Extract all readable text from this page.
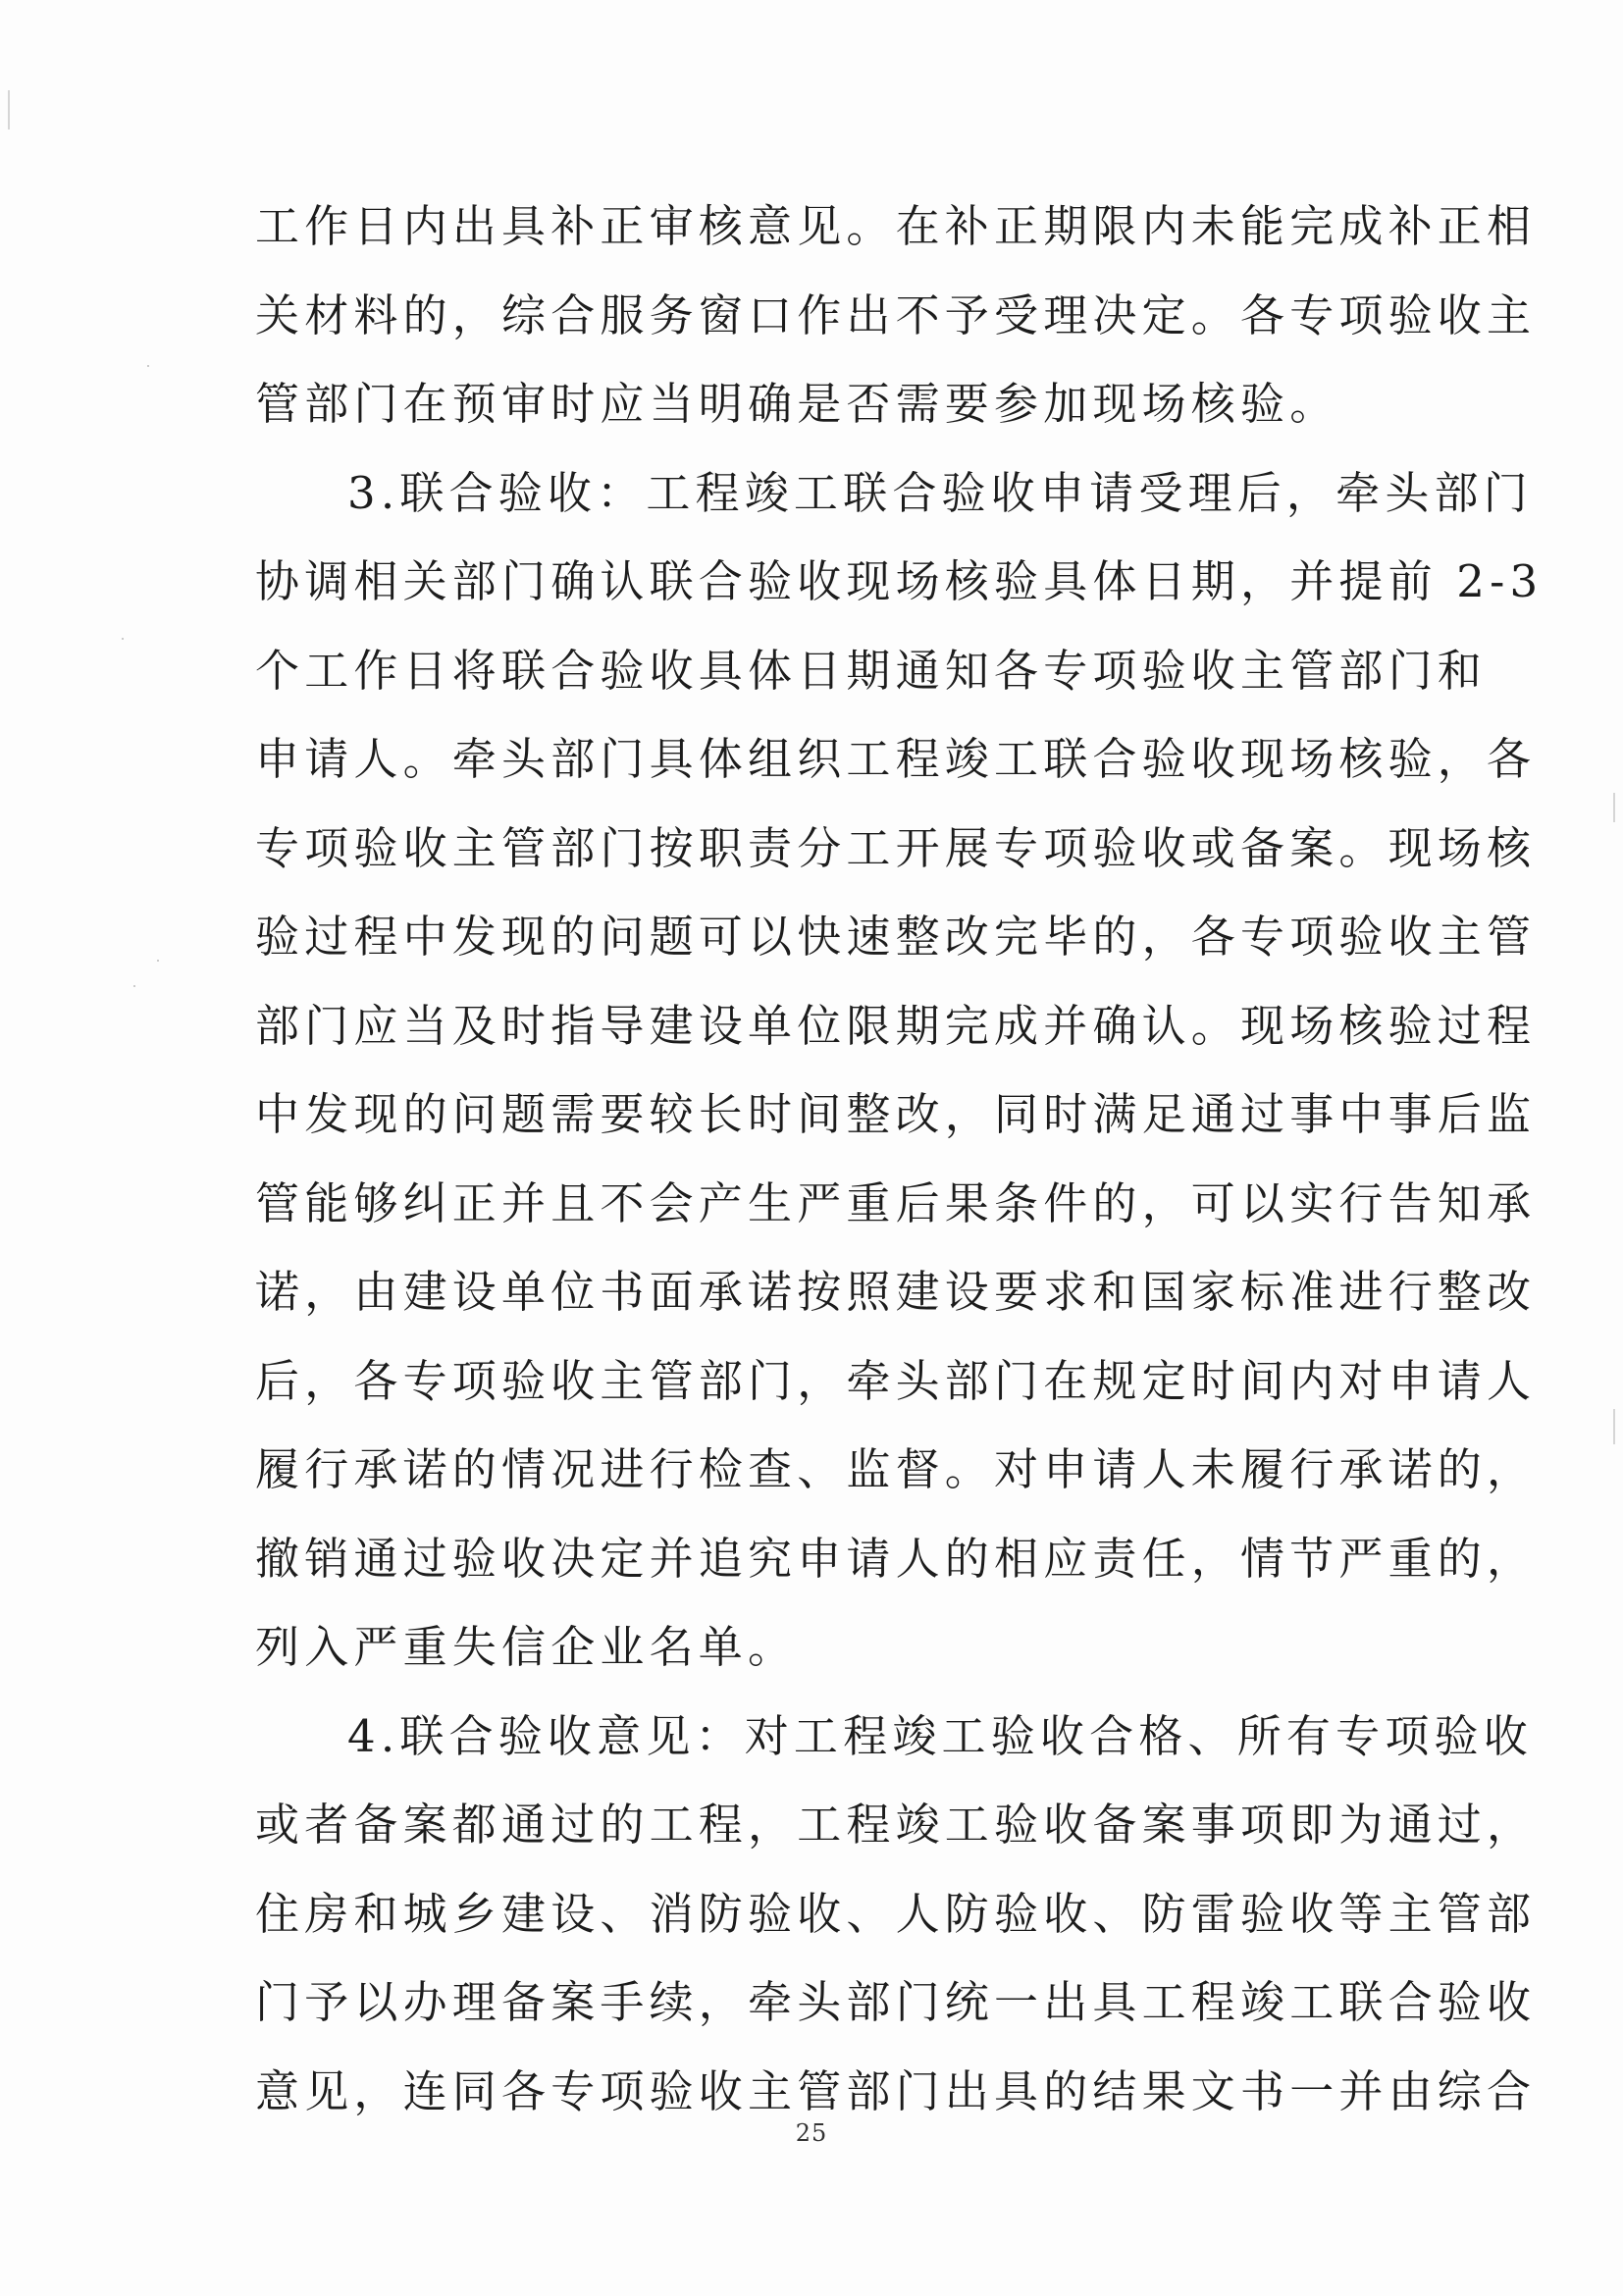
工作日内出具补正审核意见。在补正期限内未能完成补正相
关材料的，综合服务窗口作出不予受理决定。各专项验收主
管部门在预审时应当明确是否需要参加现场核验。
3.联合验收：工程竣工联合验收申请受理后，牵头部门
协调相关部门确认联合验收现场核验具体日期，并提前 2-3
个工作日将联合验收具体日期通知各专项验收主管部门和
申请人。牵头部门具体组织工程竣工联合验收现场核验，各
专项验收主管部门按职责分工开展专项验收或备案。现场核
验过程中发现的问题可以快速整改完毕的，各专项验收主管
部门应当及时指导建设单位限期完成并确认。现场核验过程
中发现的问题需要较长时间整改，同时满足通过事中事后监
管能够纠正并且不会产生严重后果条件的，可以实行告知承
诺，由建设单位书面承诺按照建设要求和国家标准进行整改
后，各专项验收主管部门，牵头部门在规定时间内对申请人
履行承诺的情况进行检查、监督。对申请人未履行承诺的，
撤销通过验收决定并追究申请人的相应责任，情节严重的，
列入严重失信企业名单。
4.联合验收意见：对工程竣工验收合格、所有专项验收
或者备案都通过的工程，工程竣工验收备案事项即为通过，
住房和城乡建设、消防验收、人防验收、防雷验收等主管部
门予以办理备案手续，牵头部门统一出具工程竣工联合验收
意见，连同各专项验收主管部门出具的结果文书一并由综合
25
